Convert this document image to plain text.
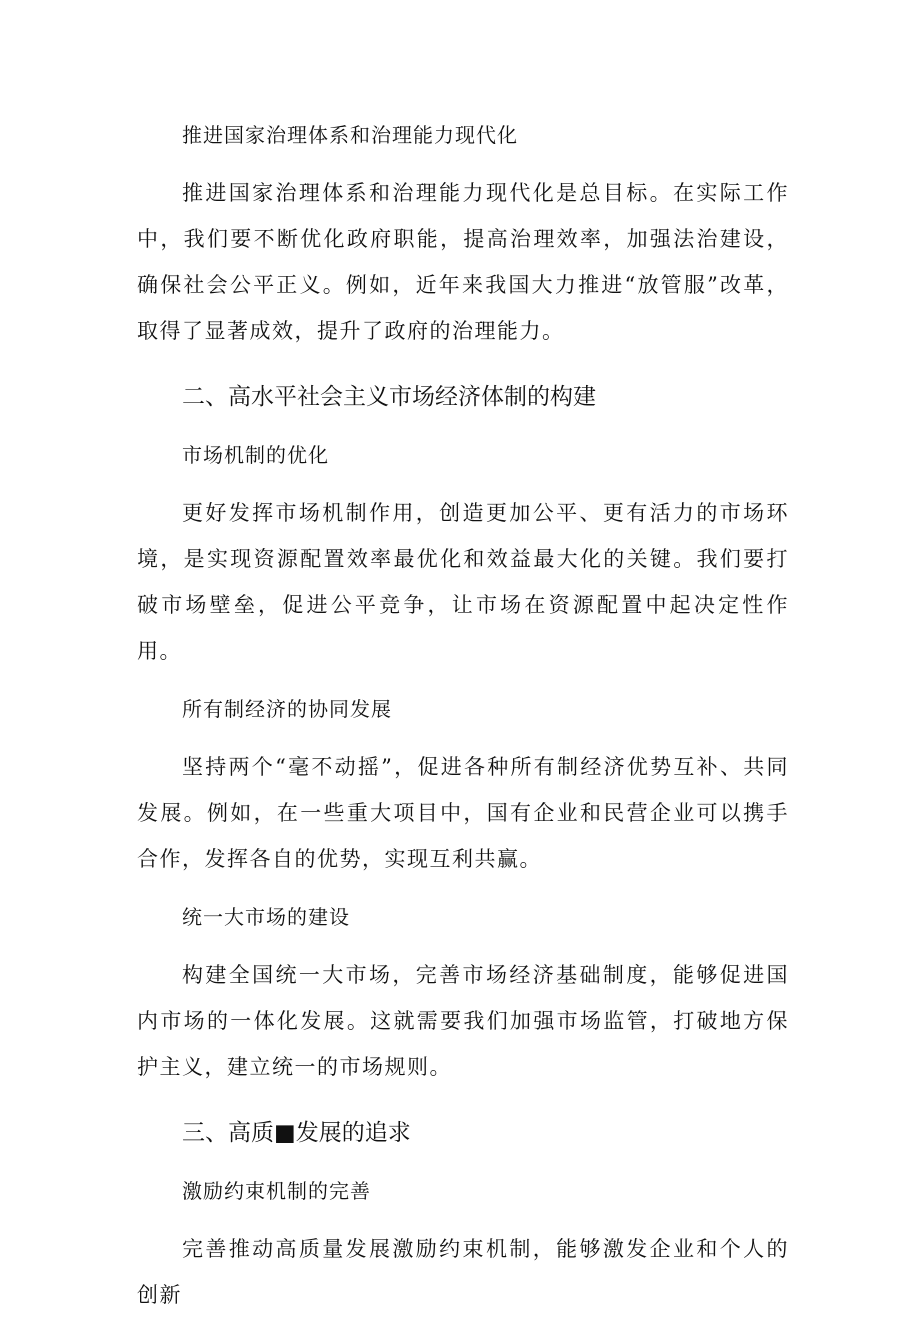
推进国家治理体系和治理能力现代化

推进国家治理体系和治理能力现代化是总目标。在实际工作中，我们要不断优化政府职能，提高治理效率，加强法治建设，确保社会公平正义。例如，近年来我国大力推进“放管服”改革，取得了显著成效，提升了政府的治理能力。

二、高水平社会主义市场经济体制的构建

市场机制的优化

更好发挥市场机制作用，创造更加公平、更有活力的市场环境，是实现资源配置效率最优化和效益最大化的关键。我们要打破市场壁垒，促进公平竞争，让市场在资源配置中起决定性作用。

所有制经济的协同发展

坚持两个“毫不动摇”，促进各种所有制经济优势互补、共同发展。例如，在一些重大项目中，国有企业和民营企业可以携手合作，发挥各自的优势，实现互利共赢。

统一大市场的建设

构建全国统一大市场，完善市场经济基础制度，能够促进国内市场的一体化发展。这就需要我们加强市场监管，打破地方保护主义，建立统一的市场规则。

三、高质■发展的追求

激励约束机制的完善

完善推动高质量发展激励约束机制，能够激发企业和个人的创新
